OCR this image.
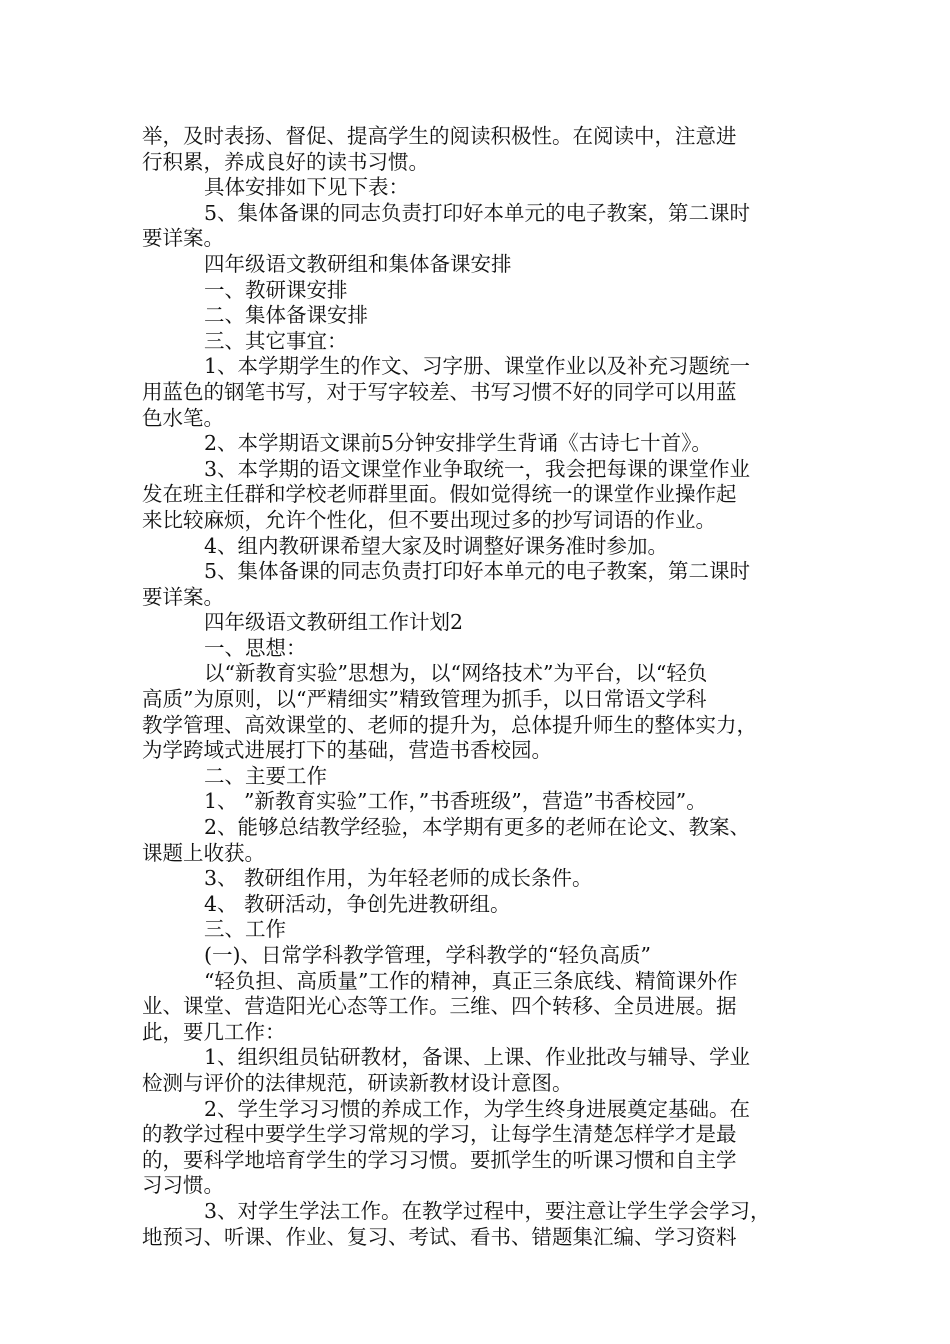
举，及时表扬、督促、提高学生的阅读积极性。在阅读中，注意进
行积累，养成良好的读书习惯。
具体安排如下见下表：
5、集体备课的同志负责打印好本单元的电子教案，第二课时
要详案。
四年级语文教研组和集体备课安排
一、教研课安排
二、集体备课安排
三、其它事宜：
1、本学期学生的作文、习字册、课堂作业以及补充习题统一
用蓝色的钢笔书写，对于写字较差、书写习惯不好的同学可以用蓝
色水笔。
2、本学期语文课前5分钟安排学生背诵《古诗七十首》。
3、本学期的语文课堂作业争取统一，我会把每课的课堂作业
发在班主任群和学校老师群里面。假如觉得统一的课堂作业操作起
来比较麻烦，允许个性化，但不要出现过多的抄写词语的作业。
4、组内教研课希望大家及时调整好课务准时参加。
5、集体备课的同志负责打印好本单元的电子教案，第二课时
要详案。
四年级语文教研组工作计划2
一、思想：
以“新教育实验”思想为，以“网络技术”为平台，以“轻负
高质”为原则，以“严精细实”精致管理为抓手，以日常语文学科
教学管理、高效课堂的、老师的提升为，总体提升师生的整体实力，
为学跨域式进展打下的基础，营造书香校园。
二、主要工作
1、 ”新教育实验”工作，”书香班级”，营造”书香校园”。
2、能够总结教学经验，本学期有更多的老师在论文、教案、
课题上收获。
3、 教研组作用，为年轻老师的成长条件。
4、 教研活动，争创先进教研组。
三、工作
(一)、日常学科教学管理，学科教学的“轻负高质”
“轻负担、高质量”工作的精神，真正三条底线、精简课外作
业、课堂、营造阳光心态等工作。三维、四个转移、全员进展。据
此，要几工作：
1、组织组员钻研教材，备课、上课、作业批改与辅导、学业
检测与评价的法律规范，研读新教材设计意图。
2、学生学习习惯的养成工作，为学生终身进展奠定基础。在
的教学过程中要学生学习常规的学习，让每学生清楚怎样学才是最
的，要科学地培育学生的学习习惯。要抓学生的听课习惯和自主学
习习惯。
3、对学生学法工作。在教学过程中，要注意让学生学会学习，
地预习、听课、作业、复习、考试、看书、错题集汇编、学习资料
